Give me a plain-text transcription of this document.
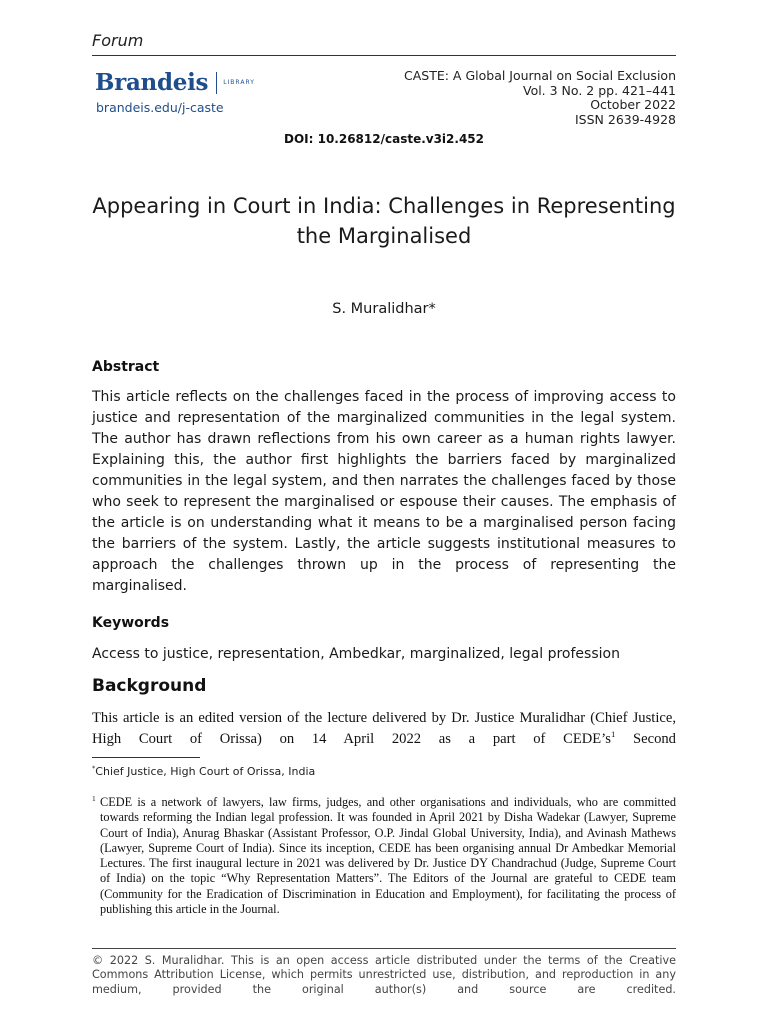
Forum
Brandeis	LIBRARY
brandeis.edu/j-caste
CASTE: A Global Journal on Social Exclusion
Vol. 3 No. 2 pp. 421–441
October 2022
ISSN 2639-4928
DOI: 10.26812/caste.v3i2.452
Appearing in Court in India: Challenges in Representing the Marginalised
S. Muralidhar*
Abstract
This article reflects on the challenges faced in the process of improving access to justice and representation of the marginalized communities in the legal system. The author has drawn reflections from his own career as a human rights lawyer. Explaining this, the author first highlights the barriers faced by marginalized communities in the legal system, and then narrates the challenges faced by those who seek to represent the marginalised or espouse their causes. The emphasis of the article is on understanding what it means to be a marginalised person facing the barriers of the system. Lastly, the article suggests institutional measures to approach the challenges thrown up in the process of representing the marginalised.
Keywords
Access to justice, representation, Ambedkar, marginalized, legal profession
Background
This article is an edited version of the lecture delivered by Dr. Justice Muralidhar (Chief Justice, High Court of Orissa) on 14 April 2022 as a part of $CEDE’s^1$ Second
*Chief Justice, High Court of Orissa, India
1 CEDE is a network of lawyers, law firms, judges, and other organisations and individuals, who are committed towards reforming the Indian legal profession. It was founded in April 2021 by Disha Wadekar (Lawyer, Supreme Court of India), Anurag Bhaskar (Assistant Professor, O.P. Jindal Global University, India), and Avinash Mathews (Lawyer, Supreme Court of India). Since its inception, CEDE has been organising annual Dr Ambedkar Memorial Lectures. The first inaugural lecture in 2021 was delivered by Dr. Justice DY Chandrachud (Judge, Supreme Court of India) on the topic “Why Representation Matters”. The Editors of the Journal are grateful to CEDE team (Community for the Eradication of Discrimination in Education and Employment), for facilitating the process of publishing this article in the Journal.
© 2022 S. Muralidhar. This is an open access article distributed under the terms of the Creative Commons Attribution License, which permits unrestricted use, distribution, and reproduction in any medium, provided the original author(s) and source are credited.
